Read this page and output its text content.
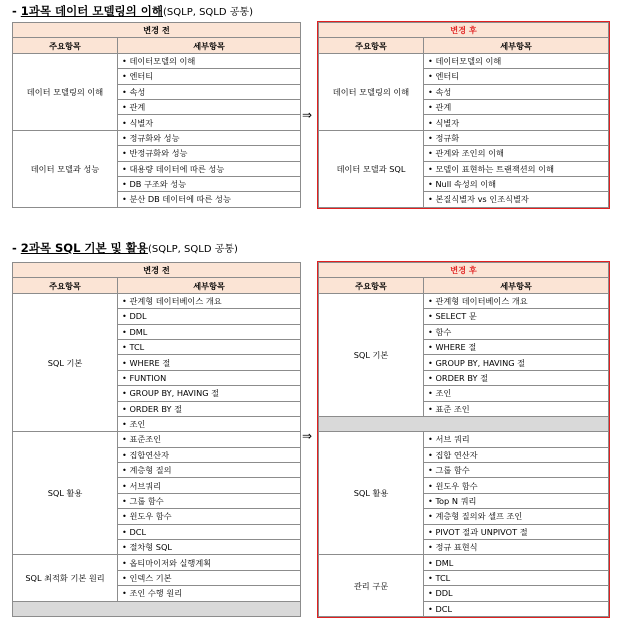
- 1과목 데이터 모델링의 이해(SQLP, SQLD 공통)
변경 전	
주요항목	세부항목
데이터 모델링의 이해	• 데이터모델의 이해
	• 엔터티
	• 속성
	• 관계
	• 식별자
데이터 모델과 성능	• 정규화와 성능
	• 반정규화와 성능
	• 대용량 데이터에 따른 성능
	• DB 구조와 성능
	• 분산 DB 데이터에 따른 성능
⇒
변경 후	
주요항목	세부항목
데이터 모델링의 이해	• 데이터모델의 이해
	• 엔터티
	• 속성
	• 관계
	• 식별자
데이터 모델과 SQL	• 정규화
	• 관계와 조인의 이해
	• 모델이 표현하는 트랜잭션의 이해
	• Null 속성의 이해
	• 본질식별자 vs 인조식별자
- 2과목 SQL 기본 및 활용(SQLP, SQLD 공통)
변경 전	
주요항목	세부항목
SQL 기본	• 관계형 데이터베이스 개요
	• DDL
	• DML
	• TCL
	• WHERE 절
	• FUNTION
	• GROUP BY, HAVING 절
	• ORDER BY 절
	• 조인
SQL 활용	• 표준조인
	• 집합연산자
	• 계층형 질의
	• 서브쿼리
	• 그룹 함수
	• 윈도우 함수
	• DCL
	• 절차형 SQL
SQL 최적화 기본 원리	• 옵티마이저와 실행계획
	• 인덱스 기본
	• 조인 수행 원리

⇒
변경 후	
주요항목	세부항목
SQL 기본	• 관계형 데이터베이스 개요
	• SELECT 문
	• 함수
	• WHERE 절
	• GROUP BY, HAVING 절
	• ORDER BY 절
	• 조인
	• 표준 조인

SQL 활용	• 서브 쿼리
	• 집합 연산자
	• 그룹 함수
	• 윈도우 함수
	• Top N 쿼리
	• 계층형 질의와 셀프 조인
	• PIVOT 절과 UNPIVOT 절
	• 정규 표현식
관리 구문	• DML
	• TCL
	• DDL
	• DCL
